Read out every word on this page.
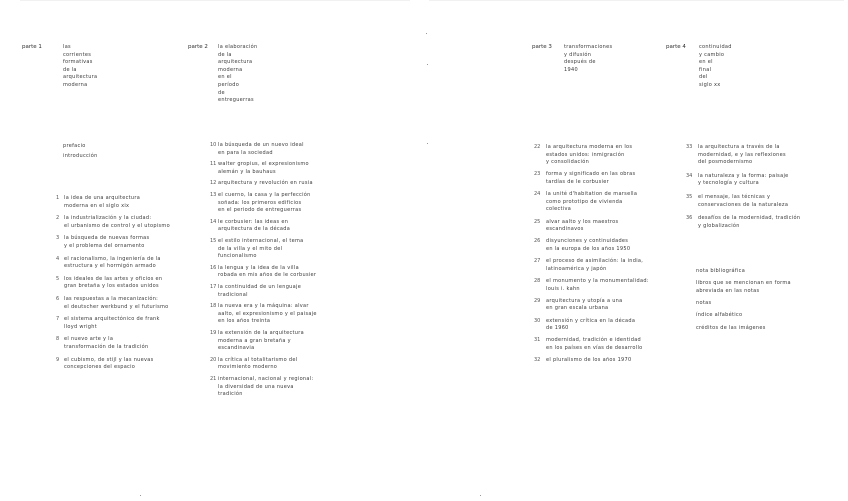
parte 1	las
corrientes
formativas
de la
arquitectura
moderna
parte 2 la elaboración
de la
arquitectura
moderna
en el
período
de
entreguerras
prefacio
introducción
1 la idea de una arquitectura
moderna en el siglo xix
2 la industrialización y la ciudad:
el urbanismo de control y el utopismo
3 la búsqueda de nuevas formas
y el problema del ornamento
4 el racionalismo, la ingeniería de la
estructura y el hormigón armado
5 los ideales de las artes y oficios en
gran bretaña y los estados unidos
6 las respuestas a la mecanización:
el deutscher werkbund y el futurismo
7 el sistema arquitectónico de frank
lloyd wright
8 el nuevo arte y la
transformación de la tradición
9 el cubismo, de stijl y las nuevas
concepciones del espacio
10 la búsqueda de un nuevo ideal
en para la sociedad
11 walter gropius, el expresionismo
alemán y la bauhaus
12 arquitectura y revolución en rusia
13 el cuerno, la casa y la perfección
soñada: los primeros edificios
en el periodo de entreguerras
14 le corbusier: las ideas en
arquitectura de la década
15 el estilo internacional, el tema
de la villa y el mito del
funcionalismo
16 la lengua y la idea de la villa
robada en mis años de le corbusier
17 la continuidad de un lenguaje
tradicional
18 la nueva era y la máquina: alvar
aalto, el expresionismo y el paisaje
en los años treinta
19 la extensión de la arquitectura
moderna a gran bretaña y
escandinavia
20 la crítica al totalitarismo del
movimiento moderno
21 internacional, nacional y regional:
la diversidad de una nueva
tradición
parte 3 transformaciones
y difusión
después de
1940
parte 4	continuidad
y cambio
en el
final
del
siglo xx
22 la arquitectura moderna en los
estados unidos: inmigración
y consolidación
23 forma y significado en las obras
tardías de le corbusier
24 la unité d'habitation de marsella
como prototipo de vivienda
colectiva
25 alvar aalto y los maestros
escandinavos
26 disyunciones y continuidades
en la europa de los años 1950
27 el proceso de asimilación: la india,
latinoamérica y japón
28 el monumento y la monumentalidad:
louis i. kahn
29 arquitectura y utopía a una
en gran escala urbana
30 extensión y crítica en la década
de 1960
31 modernidad, tradición e identidad
en los países en vías de desarrollo
32 el pluralismo de los años 1970
33 la arquitectura a través de la
modernidad, e y las reflexiones
del posmodernismo
34 la naturaleza y la forma: paisaje
y tecnología y cultura
35 el mensaje, las técnicas y
conservaciones de la naturaleza
36 desafíos de la modernidad, tradición
y globalización
nota bibliográfica
libros que se mencionan en forma
abreviada en las notas
notas
índice alfabético
créditos de las imágenes
